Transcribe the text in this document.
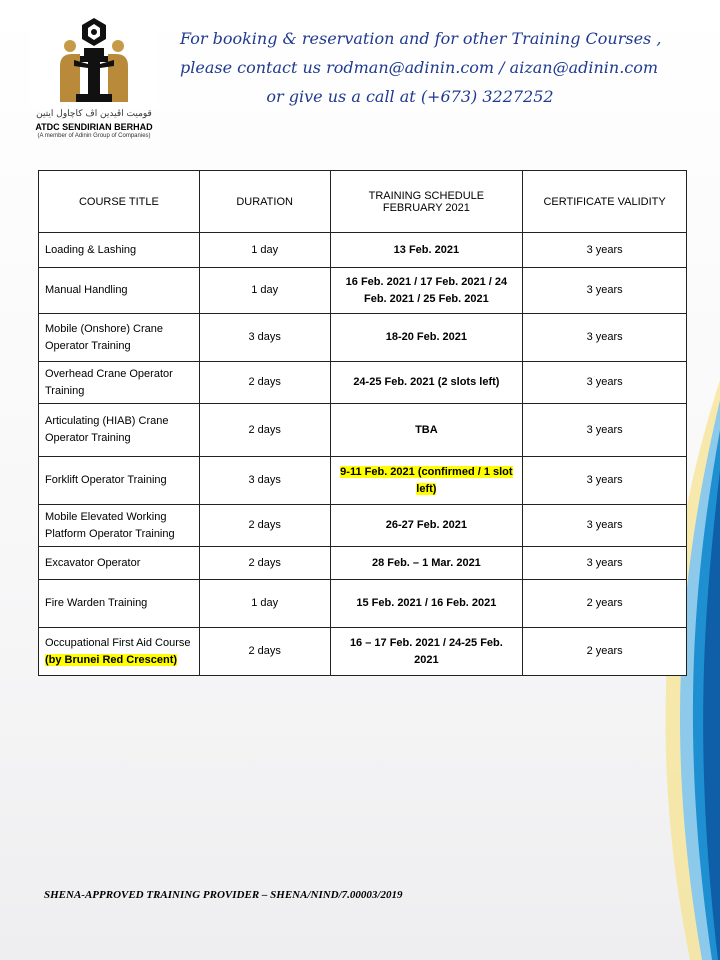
قوميت اڤيدين اڤ كاچاول ايتين
ATDC SENDIRIAN BERHAD
(A member of Adinin Group of Companies)
For booking & reservation and for other Training Courses ,
please contact us rodman@adinin.com / aizan@adinin.com
or give us a call at (+673) 3227252
COURSE TITLE	DURATION	TRAINING SCHEDULE
FEBRUARY 2021	CERTIFICATE VALIDITY
Loading & Lashing	1 day	13 Feb. 2021	3 years
Manual Handling	1 day	16 Feb. 2021 / 17 Feb. 2021 / 24 Feb. 2021 / 25 Feb. 2021	3 years
Mobile (Onshore) Crane Operator Training	3 days	18-20 Feb. 2021	3 years
Overhead Crane Operator Training	2 days	24-25 Feb. 2021 (2 slots left)	3 years
Articulating (HIAB) Crane Operator Training	2 days	TBA	3 years
Forklift Operator Training	3 days	9-11 Feb. 2021 (confirmed / 1 slot left)	3 years
Mobile Elevated Working Platform Operator Training	2 days	26-27 Feb. 2021	3 years
Excavator Operator	2 days	28 Feb. – 1 Mar. 2021	3 years
Fire Warden Training	1 day	15 Feb. 2021 / 16 Feb. 2021	2 years
Occupational First Aid Course
(by Brunei Red Crescent)	2 days	16 – 17 Feb. 2021 / 24-25 Feb. 2021	2 years
SHENA-APPROVED TRAINING PROVIDER – SHENA/NIND/7.00003/2019
